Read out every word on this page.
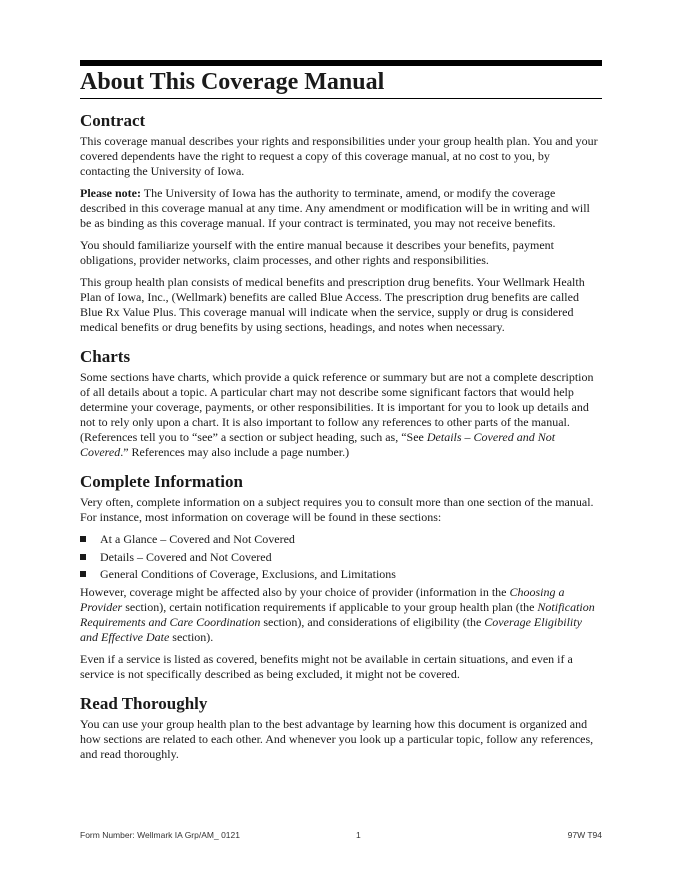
About This Coverage Manual
Contract

This coverage manual describes your rights and responsibilities under your group health plan. You and your covered dependents have the right to request a copy of this coverage manual, at no cost to you, by contacting the University of Iowa.

Please note: The University of Iowa has the authority to terminate, amend, or modify the coverage described in this coverage manual at any time. Any amendment or modification will be in writing and will be as binding as this coverage manual. If your contract is terminated, you may not receive benefits.

You should familiarize yourself with the entire manual because it describes your benefits, payment obligations, provider networks, claim processes, and other rights and responsibilities.

This group health plan consists of medical benefits and prescription drug benefits. Your Wellmark Health Plan of Iowa, Inc., (Wellmark) benefits are called Blue Access. The prescription drug benefits are called Blue Rx Value Plus. This coverage manual will indicate when the service, supply or drug is considered medical benefits or drug benefits by using sections, headings, and notes when necessary.

Charts

Some sections have charts, which provide a quick reference or summary but are not a complete description of all details about a topic. A particular chart may not describe some significant factors that would help determine your coverage, payments, or other responsibilities. It is important for you to look up details and not to rely only upon a chart. It is also important to follow any references to other parts of the manual. (References tell you to “see” a section or subject heading, such as, “See Details – Covered and Not Covered.” References may also include a page number.)

Complete Information

Very often, complete information on a subject requires you to consult more than one section of the manual. For instance, most information on coverage will be found in these sections:

At a Glance – Covered and Not Covered
Details – Covered and Not Covered
General Conditions of Coverage, Exclusions, and Limitations

However, coverage might be affected also by your choice of provider (information in the Choosing a Provider section), certain notification requirements if applicable to your group health plan (the Notification Requirements and Care Coordination section), and considerations of eligibility (the Coverage Eligibility and Effective Date section).

Even if a service is listed as covered, benefits might not be available in certain situations, and even if a service is not specifically described as being excluded, it might not be covered.

Read Thoroughly

You can use your group health plan to the best advantage by learning how this document is organized and how sections are related to each other. And whenever you look up a particular topic, follow any references, and read thoroughly.

Form Number: Wellmark IA Grp/AM_ 0121	1	97W T94
